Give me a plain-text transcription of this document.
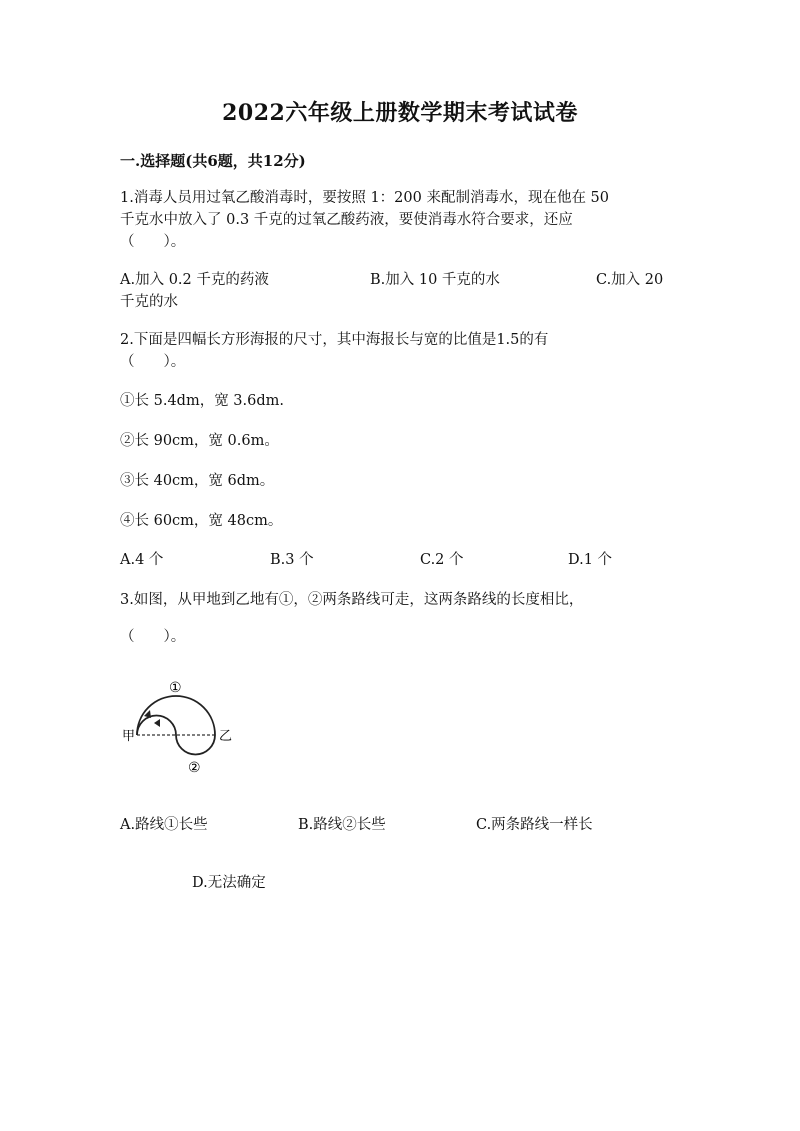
2022六年级上册数学期末考试试卷
一.选择题(共6题，共12分)
1.消毒人员用过氧乙酸消毒时，要按照 1：200 来配制消毒水，现在他在 50
千克水中放入了 0.3 千克的过氧乙酸药液，要使消毒水符合要求，还应
（　　）。
A.加入 0.2 千克的药液	B.加入 10 千克的水	C.加入 20
千克的水
2.下面是四幅长方形海报的尺寸，其中海报长与宽的比值是1.5的有
（　　）。
①长 5.4dm，宽 3.6dm.
②长 90cm，宽 0.6m。
③长 40cm，宽 6dm。
④长 60cm，宽 48cm。
A.4 个	B.3 个	C.2 个	D.1 个
3.如图，从甲地到乙地有①，②两条路线可走，这两条路线的长度相比，
（　　）。
甲	乙
①
②
A.路线①长些	B.路线②长些	C.两条路线一样长
D.无法确定
